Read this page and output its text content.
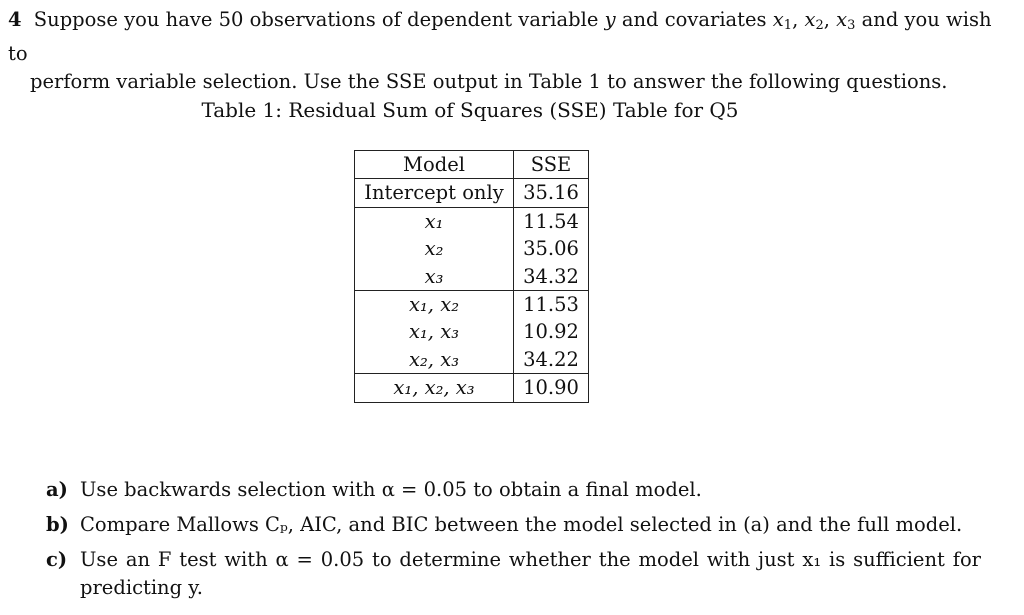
4 Suppose you have 50 observations of dependent variable y and covariates $x_1$, $x_2$, $x_3$ and you wish to
perform variable selection. Use the SSE output in Table 1 to answer the following questions.
Table 1: Residual Sum of Squares (SSE) Table for Q5
Model	SSE
Intercept only	35.16
x₁	11.54
x₂	35.06
x₃	34.32
x₁, x₂	11.53
x₁, x₃	10.92
x₂, x₃	34.22
x₁, x₂, x₃	10.90
a) Use backwards selection with α = 0.05 to obtain a final model.
b) Compare Mallows Cₚ, AIC, and BIC between the model selected in (a) and the full model.
c) Use an F test with α = 0.05 to determine whether the model with just x₁ is sufficient for predicting y.
